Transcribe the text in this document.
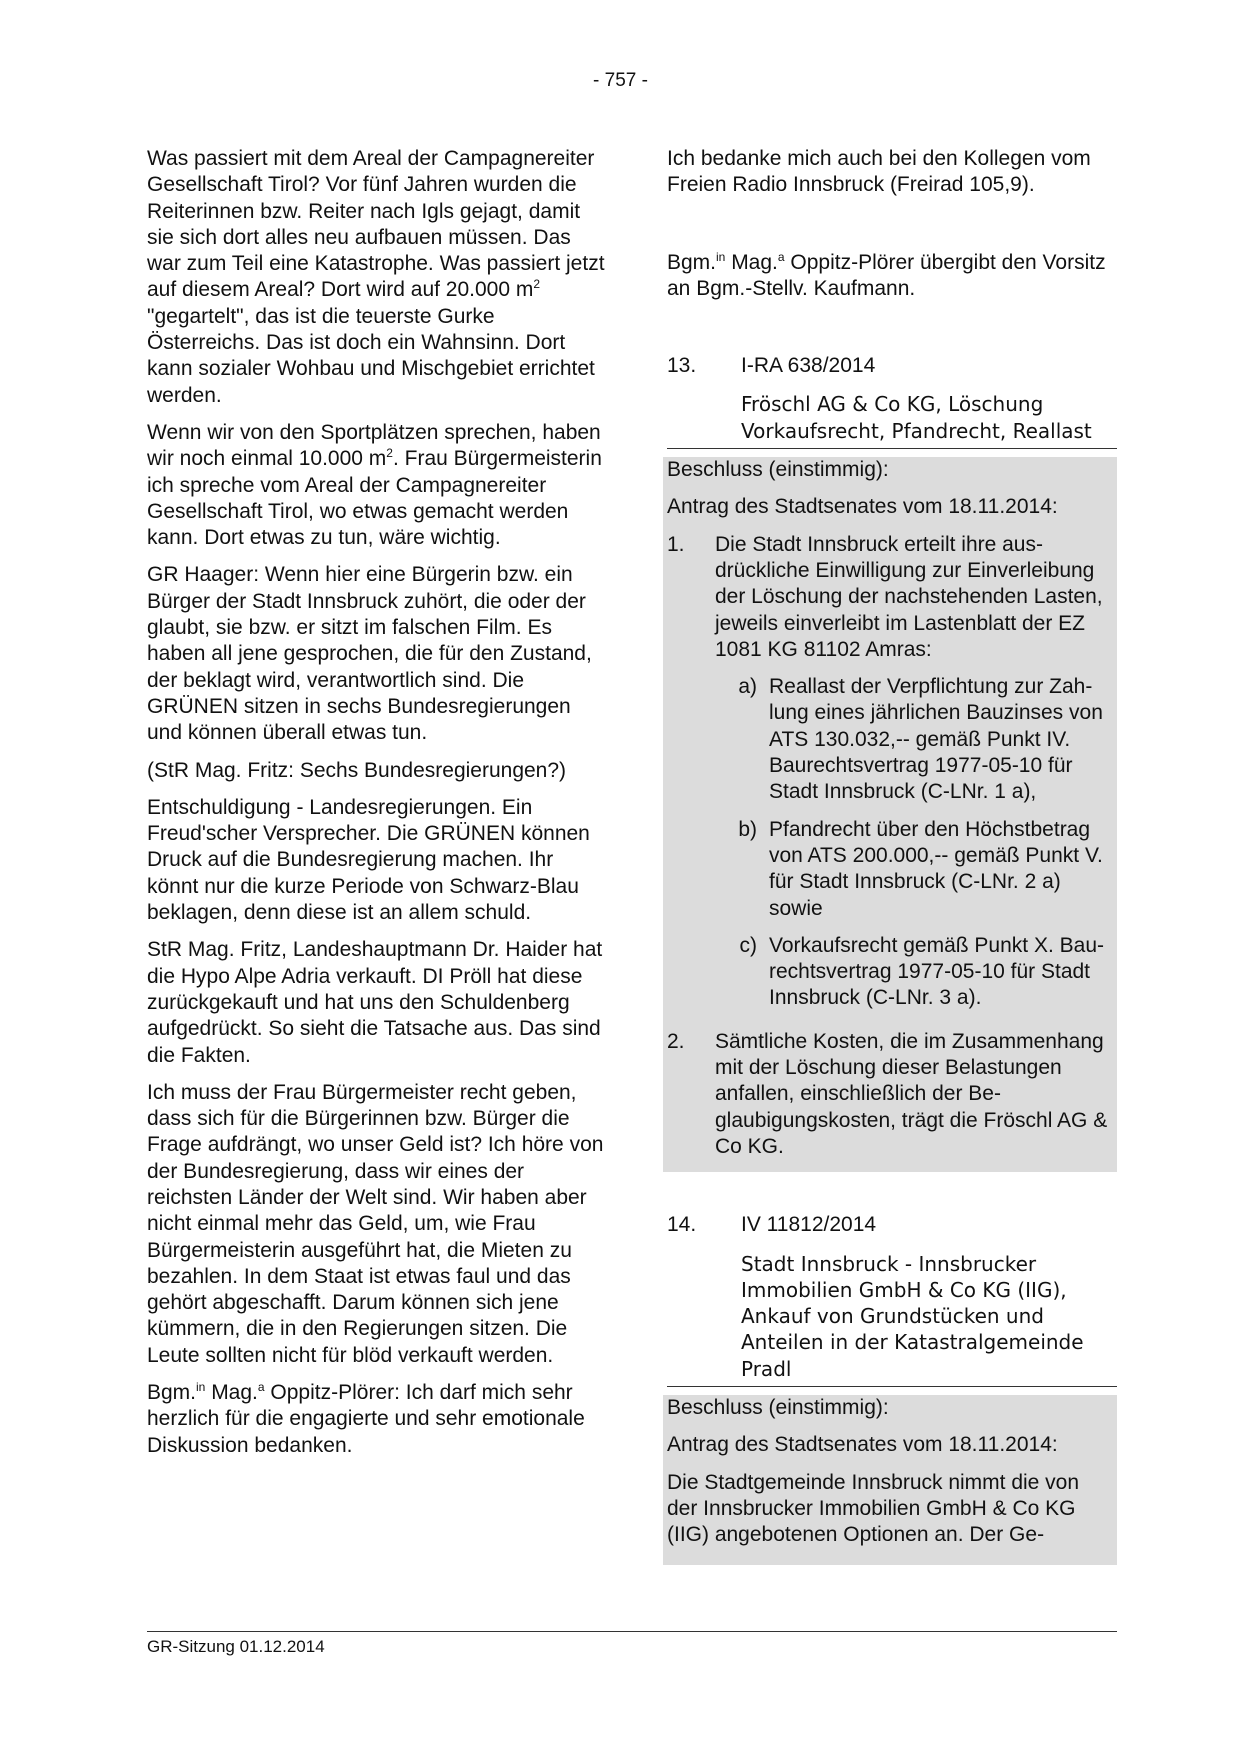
- 757 -

Was passiert mit dem Areal der Campagnereiter Gesellschaft Tirol? Vor fünf Jahren wurden die Reiterinnen bzw. Reiter nach Igls gejagt, damit sie sich dort alles neu aufbauen müssen. Das war zum Teil eine Katastrophe. Was passiert jetzt auf diesem Areal? Dort wird auf 20.000 $m^2$ "gegartelt", das ist die teuerste Gurke Österreichs. Das ist doch ein Wahnsinn. Dort kann sozialer Wohbau und Mischgebiet errichtet werden.

Wenn wir von den Sportplätzen sprechen, haben wir noch einmal 10.000 $m^2$. Frau Bürgermeisterin ich spreche vom Areal der Campagnereiter Gesellschaft Tirol, wo etwas gemacht werden kann. Dort etwas zu tun, wäre wichtig.

GR Haager: Wenn hier eine Bürgerin bzw. ein Bürger der Stadt Innsbruck zuhört, die oder der glaubt, sie bzw. er sitzt im falschen Film. Es haben all jene gesprochen, die für den Zustand, der beklagt wird, verantwortlich sind. Die GRÜNEN sitzen in sechs Bundesregierungen und können überall etwas tun.

(StR Mag. Fritz: Sechs Bundesregierungen?)

Entschuldigung - Landesregierungen. Ein Freud'scher Versprecher. Die GRÜNEN können Druck auf die Bundesregierung machen. Ihr könnt nur die kurze Periode von Schwarz-Blau beklagen, denn diese ist an allem schuld.

StR Mag. Fritz, Landeshauptmann Dr. Haider hat die Hypo Alpe Adria verkauft. DI Pröll hat diese zurückgekauft und hat uns den Schuldenberg aufgedrückt. So sieht die Tatsache aus. Das sind die Fakten.

Ich muss der Frau Bürgermeister recht geben, dass sich für die Bürgerinnen bzw. Bürger die Frage aufdrängt, wo unser Geld ist? Ich höre von der Bundesregierung, dass wir eines der reichsten Länder der Welt sind. Wir haben aber nicht einmal mehr das Geld, um, wie Frau Bürgermeisterin ausgeführt hat, die Mieten zu bezahlen. In dem Staat ist etwas faul und das gehört abgeschafft. Darum können sich jene kümmern, die in den Regierungen sitzen. Die Leute sollten nicht für blöd verkauft werden.

Bgm.$^{in}$ Mag.$^a$ Oppitz-Plörer: Ich darf mich sehr herzlich für die engagierte und sehr emotionale Diskussion bedanken.

Ich bedanke mich auch bei den Kollegen vom Freien Radio Innsbruck (Freirad 105,9).

Bgm.$^{in}$ Mag.$^a$ Oppitz-Plörer übergibt den Vorsitz an Bgm.-Stellv. Kaufmann.

13.	I-RA 638/2014
Fröschl AG & Co KG, Löschung Vorkaufsrecht, Pfandrecht, Reallast

Beschluss (einstimmig):

Antrag des Stadtsenates vom 18.11.2014:

1.	Die Stadt Innsbruck erteilt ihre ausdrückliche Einwilligung zur Einverleibung der Löschung der nachstehenden Lasten, jeweils einverleibt im Lastenblatt der EZ 1081 KG 81102 Amras:

a) Reallast der Verpflichtung zur Zahlung eines jährlichen Bauzinses von ATS 130.032,-- gemäß Punkt IV. Baurechtsvertrag 1977-05-10 für Stadt Innsbruck (C-LNr. 1 a),
b) Pfandrecht über den Höchstbetrag von ATS 200.000,-- gemäß Punkt V. für Stadt Innsbruck (C-LNr. 2 a) sowie
c) Vorkaufsrecht gemäß Punkt X. Baurechtsvertrag 1977-05-10 für Stadt Innsbruck (C-LNr. 3 a).
2.	Sämtliche Kosten, die im Zusammenhang mit der Löschung dieser Belastungen anfallen, einschließlich der Beglaubigungskosten, trägt die Fröschl AG & Co KG.
14.	IV 11812/2014
Stadt Innsbruck - Innsbrucker Immobilien GmbH & Co KG (IIG), Ankauf von Grundstücken und Anteilen in der Katastralgemeinde Pradl

Beschluss (einstimmig):

Antrag des Stadtsenates vom 18.11.2014:

Die Stadtgemeinde Innsbruck nimmt die von der Innsbrucker Immobilien GmbH & Co KG (IIG) angebotenen Optionen an. Der Ge-

GR-Sitzung 01.12.2014
